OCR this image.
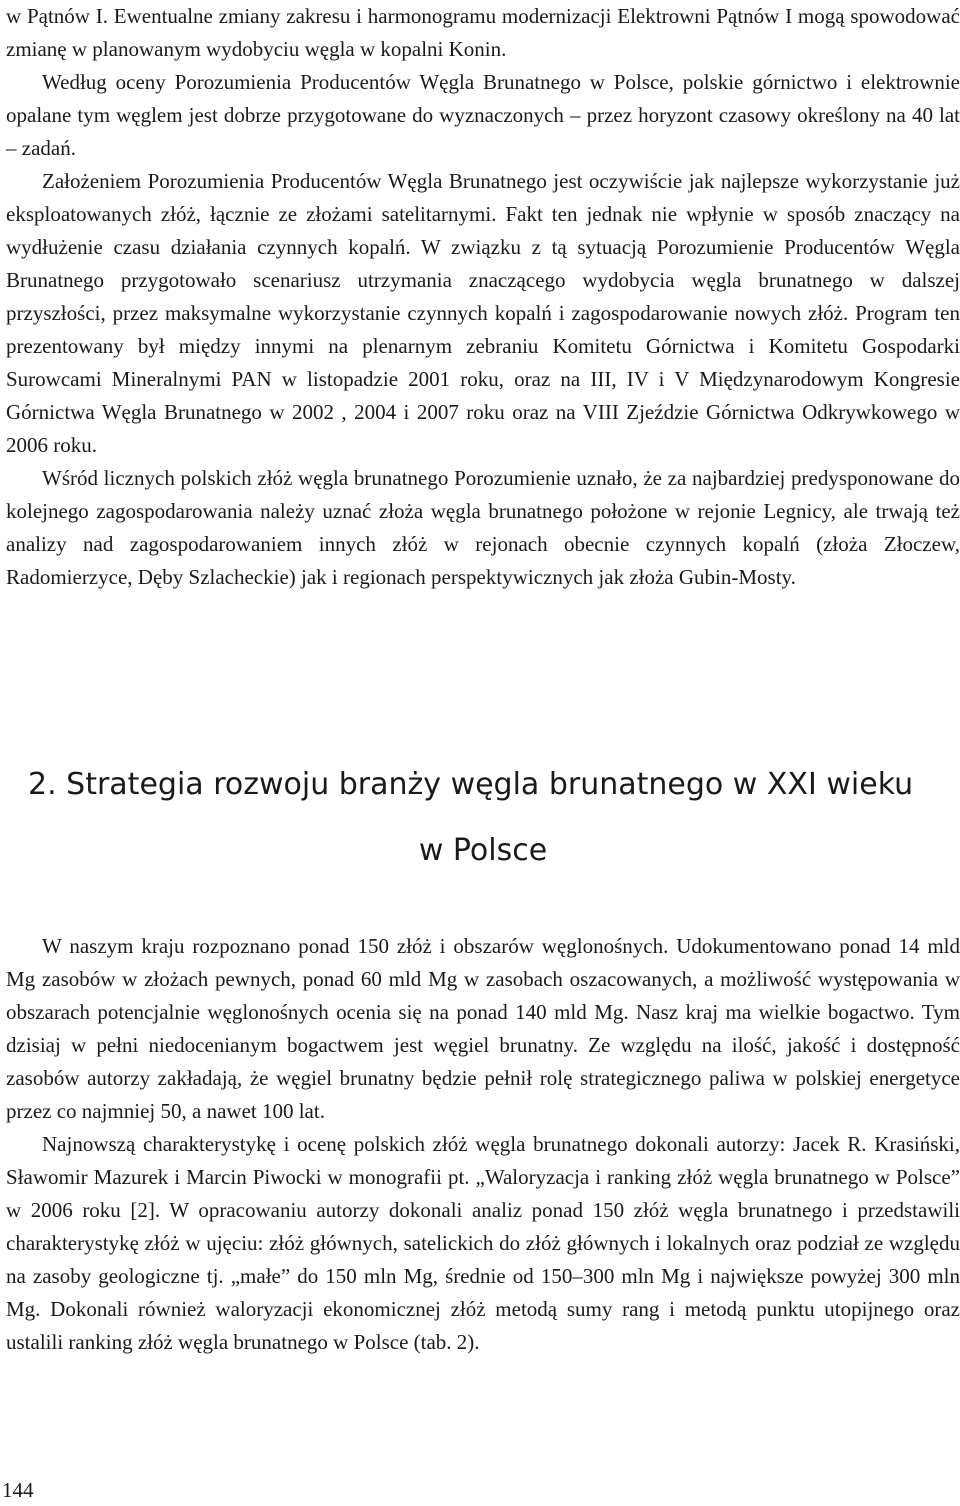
w Pątnów I. Ewentualne zmiany zakresu i harmonogramu modernizacji Elektrowni Pątnów I mogą spowodować zmianę w planowanym wydobyciu węgla w kopalni Konin.

Według oceny Porozumienia Producentów Węgla Brunatnego w Polsce, polskie górnictwo i elektrownie opalane tym węglem jest dobrze przygotowane do wyznaczonych – przez horyzont czasowy określony na 40 lat – zadań.

Założeniem Porozumienia Producentów Węgla Brunatnego jest oczywiście jak najlepsze wykorzystanie już eksploatowanych złóż, łącznie ze złożami satelitarnymi. Fakt ten jednak nie wpłynie w sposób znaczący na wydłużenie czasu działania czynnych kopalń. W związku z tą sytuacją Porozumienie Producentów Węgla Brunatnego przygotowało scenariusz utrzymania znaczącego wydobycia węgla brunatnego w dalszej przyszłości, przez maksymalne wykorzystanie czynnych kopalń i zagospodarowanie nowych złóż. Program ten prezentowany był między innymi na plenarnym zebraniu Komitetu Górnictwa i Komitetu Gospodarki Surowcami Mineralnymi PAN w listopadzie 2001 roku, oraz na III, IV i V Międzynarodowym Kongresie Górnictwa Węgla Brunatnego w 2002 , 2004 i 2007 roku oraz na VIII Zjeździe Górnictwa Odkrywkowego w 2006 roku.

Wśród licznych polskich złóż węgla brunatnego Porozumienie uznało, że za najbardziej predysponowane do kolejnego zagospodarowania należy uznać złoża węgla brunatnego położone w rejonie Legnicy, ale trwają też analizy nad zagospodarowaniem innych złóż w rejonach obecnie czynnych kopalń (złoża Złoczew, Radomierzyce, Dęby Szlacheckie) jak i regionach perspektywicznych jak złoża Gubin-Mosty.

2. Strategia rozwoju branży węgla brunatnego w XXI wieku
w Polsce

W naszym kraju rozpoznano ponad 150 złóż i obszarów węglonośnych. Udokumentowano ponad 14 mld Mg zasobów w złożach pewnych, ponad 60 mld Mg w zasobach oszacowanych, a możliwość występowania w obszarach potencjalnie węglonośnych ocenia się na ponad 140 mld Mg. Nasz kraj ma wielkie bogactwo. Tym dzisiaj w pełni niedocenianym bogactwem jest węgiel brunatny. Ze względu na ilość, jakość i dostępność zasobów autorzy zakładają, że węgiel brunatny będzie pełnił rolę strategicznego paliwa w polskiej energetyce przez co najmniej 50, a nawet 100 lat.

Najnowszą charakterystykę i ocenę polskich złóż węgla brunatnego dokonali autorzy: Jacek R. Krasiński, Sławomir Mazurek i Marcin Piwocki w monografii pt. „Waloryzacja i ranking złóż węgla brunatnego w Polsce” w 2006 roku [2]. W opracowaniu autorzy dokonali analiz ponad 150 złóż węgla brunatnego i przedstawili charakterystykę złóż w ujęciu: złóż głównych, satelickich do złóż głównych i lokalnych oraz podział ze względu na zasoby geologiczne tj. „małe” do 150 mln Mg, średnie od 150–300 mln Mg i największe powyżej 300 mln Mg. Dokonali również waloryzacji ekonomicznej złóż metodą sumy rang i metodą punktu utopijnego oraz ustalili ranking złóż węgla brunatnego w Polsce (tab. 2).

144
